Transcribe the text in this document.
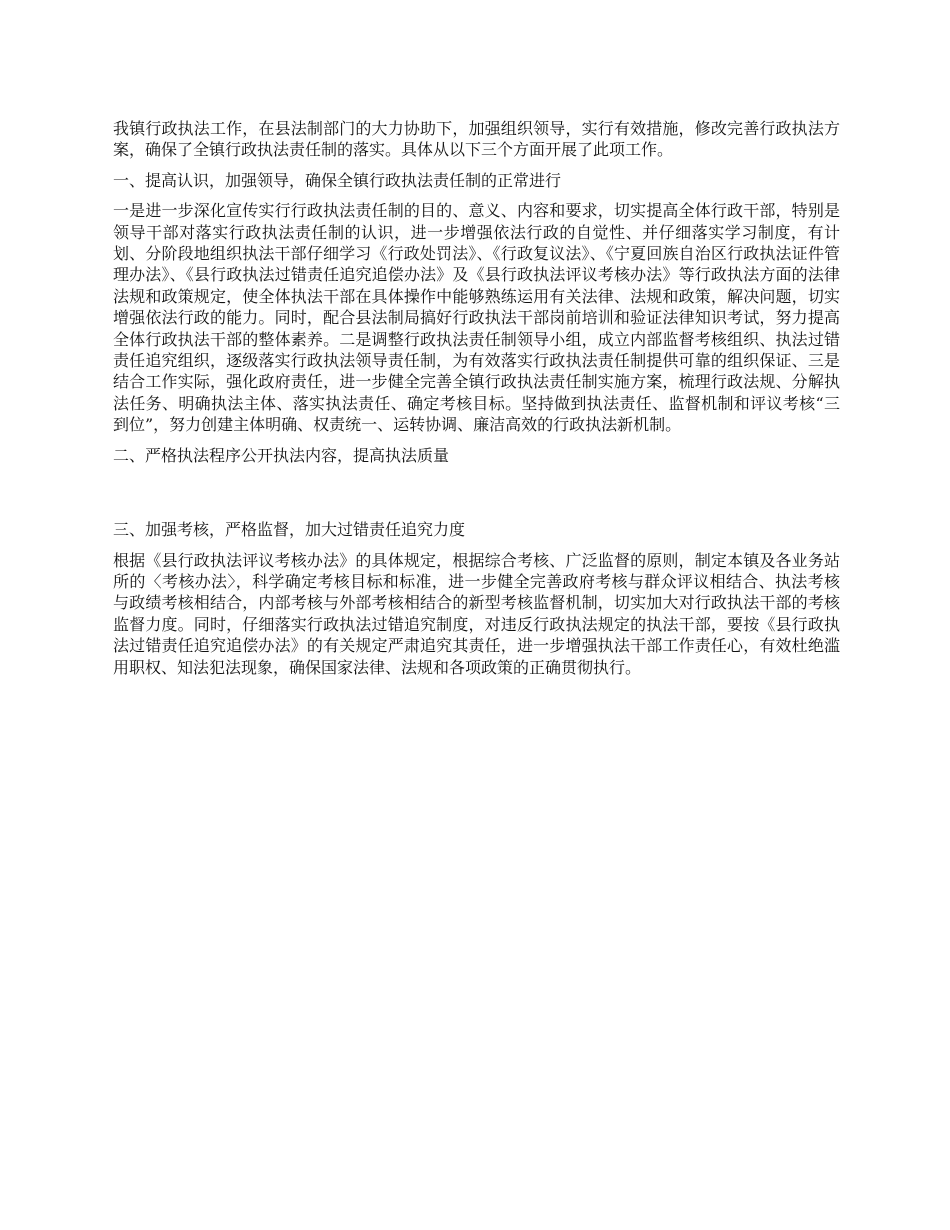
我镇行政执法工作，在县法制部门的大力协助下，加强组织领导，实行有效措施，修改完善行政执法方案，确保了全镇行政执法责任制的落实。具体从以下三个方面开展了此项工作。

一、提高认识，加强领导，确保全镇行政执法责任制的正常进行

一是进一步深化宣传实行行政执法责任制的目的、意义、内容和要求，切实提高全体行政干部，特别是领导干部对落实行政执法责任制的认识，进一步增强依法行政的自觉性、并仔细落实学习制度，有计划、分阶段地组织执法干部仔细学习《行政处罚法》、《行政复议法》、《宁夏回族自治区行政执法证件管理办法》、《县行政执法过错责任追究追偿办法》及《县行政执法评议考核办法》等行政执法方面的法律法规和政策规定，使全体执法干部在具体操作中能够熟练运用有关法律、法规和政策，解决问题，切实增强依法行政的能力。同时，配合县法制局搞好行政执法干部岗前培训和验证法律知识考试，努力提高全体行政执法干部的整体素养。二是调整行政执法责任制领导小组，成立内部监督考核组织、执法过错责任追究组织，逐级落实行政执法领导责任制，为有效落实行政执法责任制提供可靠的组织保证、三是结合工作实际，强化政府责任，进一步健全完善全镇行政执法责任制实施方案，梳理行政法规、分解执法任务、明确执法主体、落实执法责任、确定考核目标。坚持做到执法责任、监督机制和评议考核“三到位”，努力创建主体明确、权责统一、运转协调、廉洁高效的行政执法新机制。

二、严格执法程序公开执法内容，提高执法质量

三、加强考核，严格监督，加大过错责任追究力度

根据《县行政执法评议考核办法》的具体规定，根据综合考核、广泛监督的原则，制定本镇及各业务站所的〈考核办法〉，科学确定考核目标和标准，进一步健全完善政府考核与群众评议相结合、执法考核与政绩考核相结合，内部考核与外部考核相结合的新型考核监督机制，切实加大对行政执法干部的考核监督力度。同时，仔细落实行政执法过错追究制度，对违反行政执法规定的执法干部，要按《县行政执法过错责任追究追偿办法》的有关规定严肃追究其责任，进一步增强执法干部工作责任心，有效杜绝滥用职权、知法犯法现象，确保国家法律、法规和各项政策的正确贯彻执行。
